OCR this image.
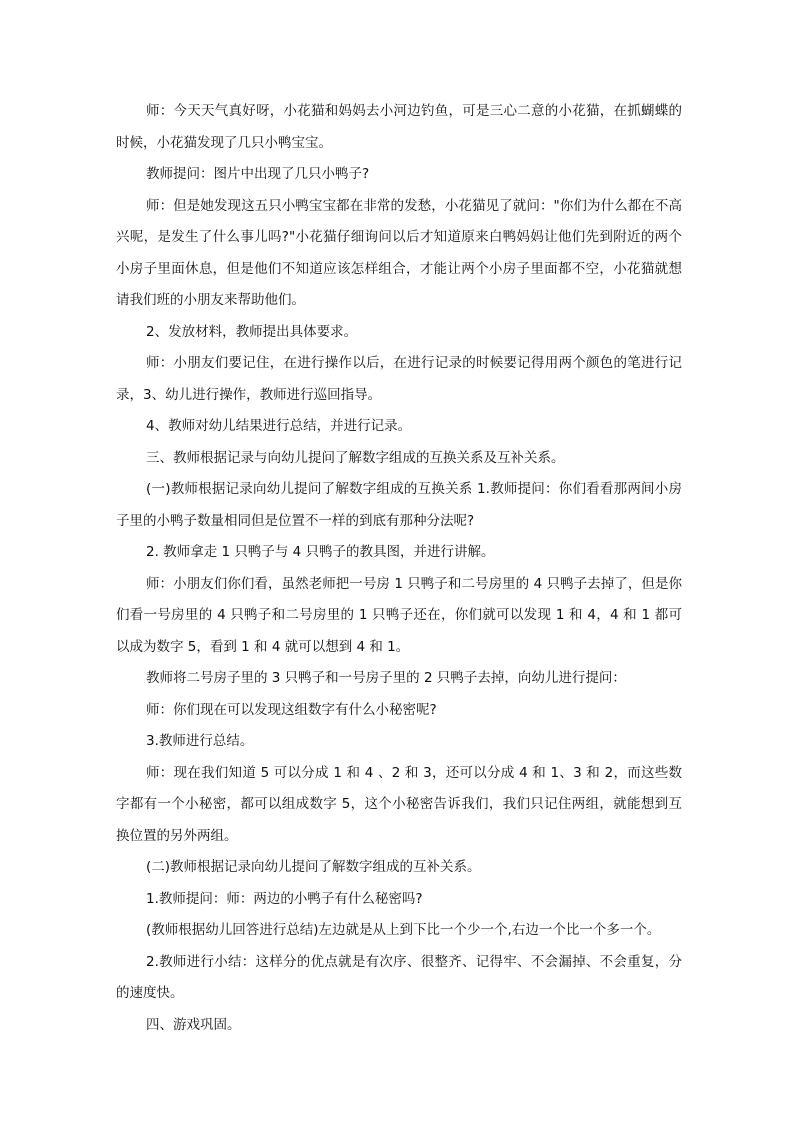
师：今天天气真好呀，小花猫和妈妈去小河边钓鱼，可是三心二意的小花猫，在抓蝴蝶的时候，小花猫发现了几只小鸭宝宝。

教师提问：图片中出现了几只小鸭子?

师：但是她发现这五只小鸭宝宝都在非常的发愁，小花猫见了就问："你们为什么都在不高兴呢，是发生了什么事儿吗?"小花猫仔细询问以后才知道原来白鸭妈妈让他们先到附近的两个小房子里面休息，但是他们不知道应该怎样组合，才能让两个小房子里面都不空，小花猫就想请我们班的小朋友来帮助他们。

2、发放材料，教师提出具体要求。

师：小朋友们要记住，在进行操作以后，在进行记录的时候要记得用两个颜色的笔进行记录，3、幼儿进行操作，教师进行巡回指导。

4、教师对幼儿结果进行总结，并进行记录。

三、教师根据记录与向幼儿提问了解数字组成的互换关系及互补关系。

(一)教师根据记录向幼儿提问了解数字组成的互换关系 1.教师提问：你们看看那两间小房子里的小鸭子数量相同但是位置不一样的到底有那种分法呢?

2. 教师拿走 1 只鸭子与 4 只鸭子的教具图，并进行讲解。

师：小朋友们你们看，虽然老师把一号房 1 只鸭子和二号房里的 4 只鸭子去掉了，但是你们看一号房里的 4 只鸭子和二号房里的 1 只鸭子还在，你们就可以发现 1 和 4，4 和 1 都可以成为数字 5，看到 1 和 4 就可以想到 4 和 1。

教师将二号房子里的 3 只鸭子和一号房子里的 2 只鸭子去掉，向幼儿进行提问：

师：你们现在可以发现这组数字有什么小秘密呢?

3.教师进行总结。

师：现在我们知道 5 可以分成 1 和 4 、2 和 3，还可以分成 4 和 1、3 和 2，而这些数字都有一个小秘密，都可以组成数字 5，这个小秘密告诉我们，我们只记住两组，就能想到互换位置的另外两组。

(二)教师根据记录向幼儿提问了解数字组成的互补关系。

1.教师提问：师：两边的小鸭子有什么秘密吗?

(教师根据幼儿回答进行总结)左边就是从上到下比一个少一个,右边一个比一个多一个。

2.教师进行小结：这样分的优点就是有次序、很整齐、记得牢、不会漏掉、不会重复，分的速度快。

四、游戏巩固。
